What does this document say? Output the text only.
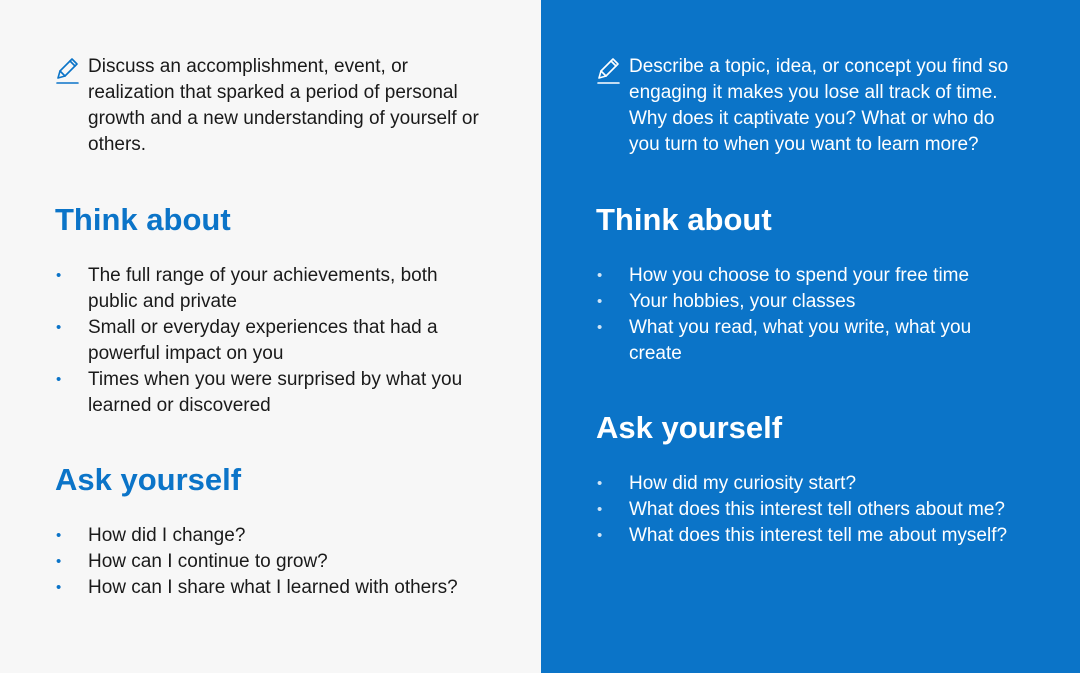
Discuss an accomplishment, event, or realization that sparked a period of personal growth and a new understanding of yourself or others.
Think about
• The full range of your achievements, both public and private
• Small or everyday experiences that had a powerful impact on you
• Times when you were surprised by what you learned or discovered
Ask yourself
• How did I change?
• How can I continue to grow?
• How can I share what I learned with others?
Describe a topic, idea, or concept you find so engaging it makes you lose all track of time. Why does it captivate you? What or who do you turn to when you want to learn more?
Think about
• How you choose to spend your free time
• Your hobbies, your classes
• What you read, what you write, what you create
Ask yourself
• How did my curiosity start?
• What does this interest tell others about me?
• What does this interest tell me about myself?
